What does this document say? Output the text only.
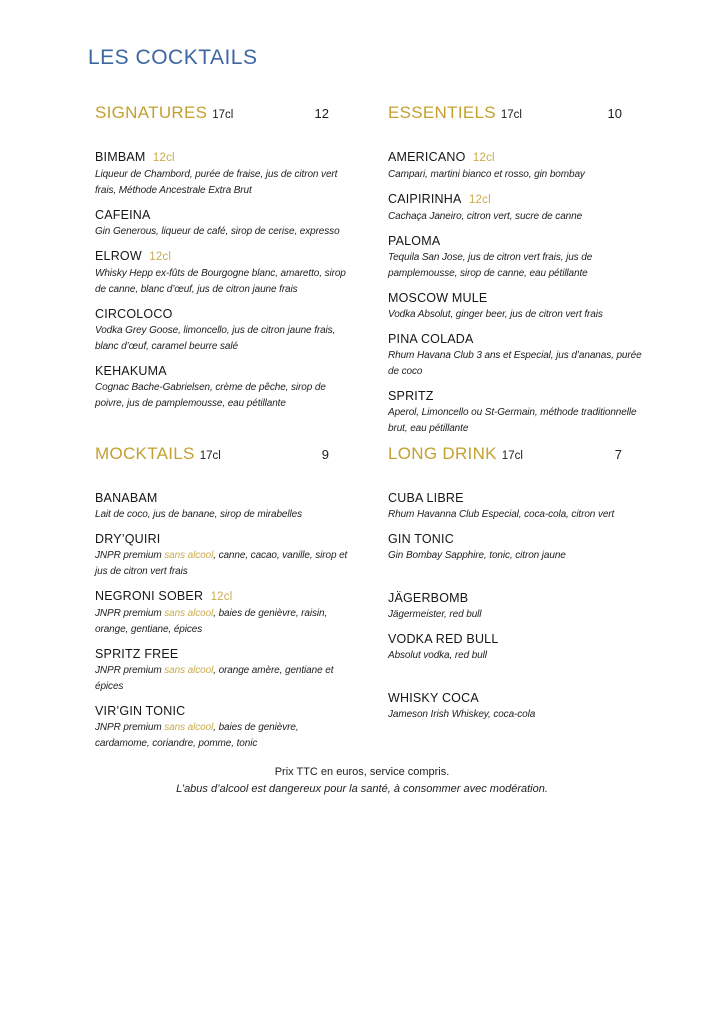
LES COCKTAILS
SIGNATURES 17cl	12
BIMBAM 12cl

Liqueur de Chambord, purée de fraise, jus de citron vert frais, Méthode Ancestrale Extra Brut

CAFEINA

Gin Generous, liqueur de café, sirop de cerise, expresso

ELROW 12cl

Whisky Hepp ex-fûts de Bourgogne blanc, amaretto, sirop de canne, blanc d’œuf, jus de citron jaune frais

CIRCOLOCO

Vodka Grey Goose, limoncello, jus de citron jaune frais, blanc d’œuf, caramel beurre salé

KEHAKUMA

Cognac Bache-Gabrielsen, crème de pêche, sirop de poivre, jus de pamplemousse, eau pétillante

ESSENTIELS 17cl	10
AMERICANO 12cl

Campari, martini bianco et rosso, gin bombay

CAIPIRINHA 12cl

Cachaça Janeiro, citron vert, sucre de canne

PALOMA

Tequila San Jose, jus de citron vert frais, jus de pamplemousse, sirop de canne, eau pétillante

MOSCOW MULE

Vodka Absolut, ginger beer, jus de citron vert frais

PINA COLADA

Rhum Havana Club 3 ans et Especial, jus d’ananas, purée de coco

SPRITZ

Aperol, Limoncello ou St-Germain, méthode traditionnelle brut, eau pétillante

MOCKTAILS 17cl	9
BANABAM

Lait de coco, jus de banane, sirop de mirabelles

DRY’QUIRI

JNPR premium sans alcool, canne, cacao, vanille, sirop et jus de citron vert frais

NEGRONI SOBER 12cl

JNPR premium sans alcool, baies de genièvre, raisin, orange, gentiane, épices

SPRITZ FREE

JNPR premium sans alcool, orange amère, gentiane et épices

VIR’GIN TONIC

JNPR premium sans alcool, baies de genièvre, cardamome, coriandre, pomme, tonic

LONG DRINK 17cl	7
CUBA LIBRE

Rhum Havanna Club Especial, coca-cola, citron vert

GIN TONIC

Gin Bombay Sapphire, tonic, citron jaune

JÄGERBOMB

Jägermeister, red bull

VODKA RED BULL

Absolut vodka, red bull

WHISKY COCA

Jameson Irish Whiskey, coca-cola

Prix TTC en euros, service compris.
L’abus d’alcool est dangereux pour la santé, à consommer avec modération.
